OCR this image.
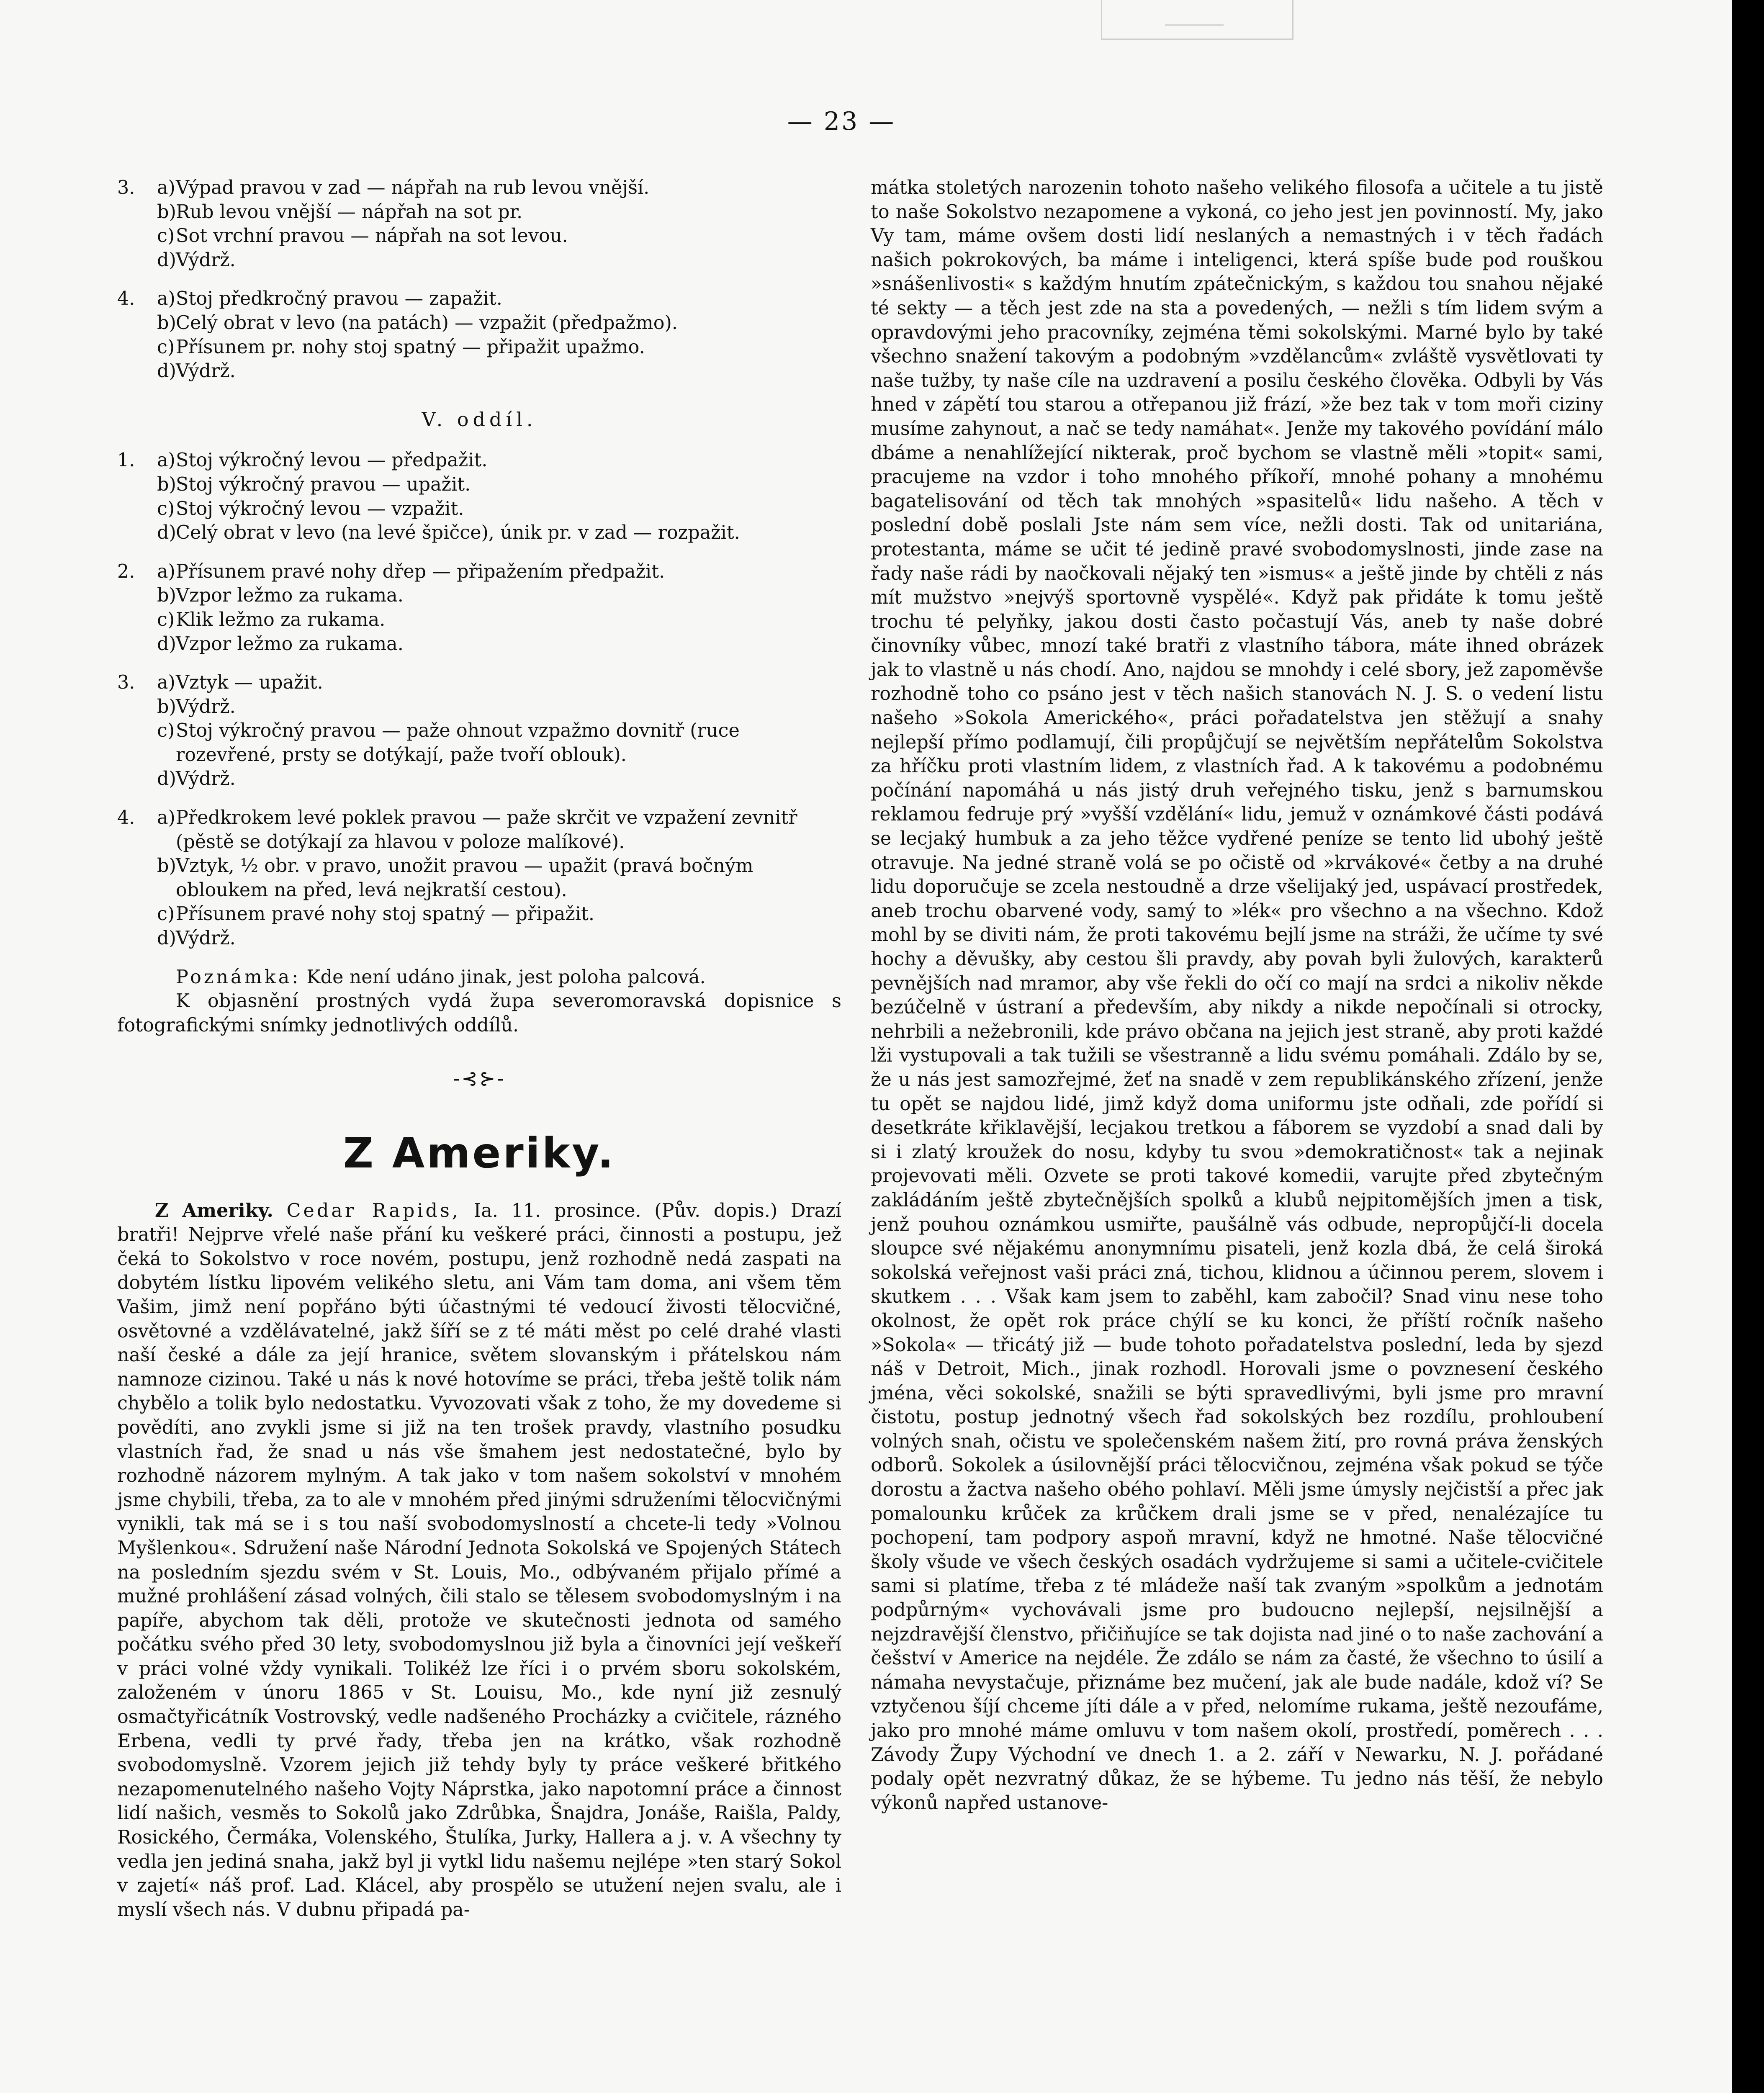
— 23 —
3. a) Výpad pravou v zad — nápřah na rub levou vnější.

b) Rub levou vnější — nápřah na sot pr.

c) Sot vrchní pravou — nápřah na sot levou.

d) Výdrž.

4. a) Stoj předkročný pravou — zapažit.

b) Celý obrat v levo (na patách) — vzpažit (předpažmo).

c) Přísunem pr. nohy stoj spatný — připažit upažmo.

d) Výdrž.

V. oddíl.
1. a) Stoj výkročný levou — předpažit.

b) Stoj výkročný pravou — upažit.

c) Stoj výkročný levou — vzpažit.

d) Celý obrat v levo (na levé špičce), únik pr. v zad — rozpažit.

2. a) Přísunem pravé nohy dřep — připažením předpažit.

b) Vzpor ležmo za rukama.

c) Klik ležmo za rukama.

d) Vzpor ležmo za rukama.

3. a) Vztyk — upažit.

b) Výdrž.

c) Stoj výkročný pravou — paže ohnout vzpažmo dovnitř (ruce rozevřené, prsty se dotýkají, paže tvoří oblouk).

d) Výdrž.

4. a) Předkrokem levé poklek pravou — paže skrčit ve vzpažení zevnitř (pěstě se dotýkají za hlavou v poloze malíkové).

b) Vztyk, ½ obr. v pravo, unožit pravou — upažit (pravá bočným obloukem na před, levá nejkratší cestou).

c) Přísunem pravé nohy stoj spatný — připažit.

d) Výdrž.

Poznámka: Kde není udáno jinak, jest poloha palcová.

K objasnění prostných vydá župa severomoravská dopisnice s fotografickými snímky jednotlivých oddílů.

-⊰⊱-
Z Ameriky.

Z Ameriky. Cedar Rapids, Ia. 11. prosince. (Pův. dopis.) Drazí bratři! Nejprve vřelé naše přání ku veškeré práci, činnosti a postupu, jež čeká to Sokolstvo v roce novém, postupu, jenž rozhodně nedá zaspati na dobytém lístku lipovém velikého sletu, ani Vám tam doma, ani všem těm Vašim, jimž není popřáno býti účastnými té vedoucí živosti tělocvičné, osvětovné a vzdělávatelné, jakž šíří se z té máti měst po celé drahé vlasti naší české a dále za její hranice, světem slovanským i přátelskou nám namnoze cizinou. Také u nás k nové hotovíme se práci, třeba ještě tolik nám chybělo a tolik bylo nedostatku. Vyvozovati však z toho, že my dovedeme si povědíti, ano zvykli jsme si již na ten trošek pravdy, vlastního posudku vlastních řad, že snad u nás vše šmahem jest nedostatečné, bylo by rozhodně názorem mylným. A tak jako v tom našem sokolství v mnohém jsme chybili, třeba, za to ale v mnohém před jinými sdruženími tělocvičnými vynikli, tak má se i s tou naší svobodomyslností a chcete-li tedy »Volnou Myšlenkou«. Sdružení naše Národní Jednota Sokolská ve Spojených Státech na posledním sjezdu svém v St. Louis, Mo., odbývaném přijalo přímé a mužné prohlášení zásad volných, čili stalo se tělesem svobodomyslným i na papíře, abychom tak děli, protože ve skutečnosti jednota od samého počátku svého před 30 lety, svobodomyslnou již byla a činovníci její veškeří v práci volné vždy vynikali. Tolikéž lze říci i o prvém sboru sokolském, založeném v únoru 1865 v St. Louisu, Mo., kde nyní již zesnulý osmačtyřicátník Vostrovský, vedle nadšeného Procházky a cvičitele, rázného Erbena, vedli ty prvé řady, třeba jen na krátko, však rozhodně svobodomyslně. Vzorem jejich již tehdy byly ty práce veškeré břitkého nezapomenutelného našeho Vojty Náprstka, jako napotomní práce a činnost lidí našich, vesměs to Sokolů jako Zdrůbka, Šnajdra, Jonáše, Raišla, Paldy, Rosického, Čermáka, Volenského, Štulíka, Jurky, Hallera a j. v. A všechny ty vedla jen jediná snaha, jakž byl ji vytkl lidu našemu nejlépe »ten starý Sokol v zajetí« náš prof. Lad. Klácel, aby prospělo se utužení nejen svalu, ale i myslí všech nás. V dubnu připadá pa-

mátka stoletých narozenin tohoto našeho velikého filosofa a učitele a tu jistě to naše Sokolstvo nezapomene a vykoná, co jeho jest jen povinností. My, jako Vy tam, máme ovšem dosti lidí neslaných a nemastných i v těch řadách našich pokrokových, ba máme i inteligenci, která spíše bude pod rouškou »snášenlivosti« s každým hnutím zpátečnickým, s každou tou snahou nějaké té sekty — a těch jest zde na sta a povedených, — nežli s tím lidem svým a opravdovými jeho pracovníky, zejména těmi sokolskými. Marné bylo by také všechno snažení takovým a podobným »vzdělancům« zvláště vysvětlovati ty naše tužby, ty naše cíle na uzdravení a posilu českého člověka. Odbyli by Vás hned v zápětí tou starou a otřepanou již frází, »že bez tak v tom moři ciziny musíme zahynout, a nač se tedy namáhat«. Jenže my takového povídání málo dbáme a nenahlížející nikterak, proč bychom se vlastně měli »topit« sami, pracujeme na vzdor i toho mnohého příkoří, mnohé pohany a mnohému bagatelisování od těch tak mnohých »spasitelů« lidu našeho. A těch v poslední době poslali Jste nám sem více, nežli dosti. Tak od unitariána, protestanta, máme se učit té jedině pravé svobodomyslnosti, jinde zase na řady naše rádi by naočkovali nějaký ten »ismus« a ještě jinde by chtěli z nás mít mužstvo »nejvýš sportovně vyspělé«. Když pak přidáte k tomu ještě trochu té pelyňky, jakou dosti často počastují Vás, aneb ty naše dobré činovníky vůbec, mnozí také bratři z vlastního tábora, máte ihned obrázek jak to vlastně u nás chodí. Ano, najdou se mnohdy i celé sbory, jež zapoměvše rozhodně toho co psáno jest v těch našich stanovách N. J. S. o vedení listu našeho »Sokola Amerického«, práci pořadatelstva jen stěžují a snahy nejlepší přímo podlamují, čili propůjčují se největším nepřátelům Sokolstva za hříčku proti vlastním lidem, z vlastních řad. A k takovému a podobnému počínání napomáhá u nás jistý druh veřejného tisku, jenž s barnumskou reklamou fedruje prý »vyšší vzdělání« lidu, jemuž v oznámkové části podává se lecjaký humbuk a za jeho těžce vydřené peníze se tento lid ubohý ještě otravuje. Na jedné straně volá se po očistě od »krvákové« četby a na druhé lidu doporučuje se zcela nestoudně a drze všelijaký jed, uspávací prostředek, aneb trochu obarvené vody, samý to »lék« pro všechno a na všechno. Kdož mohl by se diviti nám, že proti takovému bejlí jsme na stráži, že učíme ty své hochy a děvušky, aby cestou šli pravdy, aby povah byli žulových, karakterů pevnějších nad mramor, aby vše řekli do očí co mají na srdci a nikoliv někde bezúčelně v ústraní a především, aby nikdy a nikde nepočínali si otrocky, nehrbili a nežebronili, kde právo občana na jejich jest straně, aby proti každé lži vystupovali a tak tužili se všestranně a lidu svému pomáhali. Zdálo by se, že u nás jest samozřejmé, žeť na snadě v zem republikánského zřízení, jenže tu opět se najdou lidé, jimž když doma uniformu jste odňali, zde pořídí si desetkráte křiklavější, lecjakou tretkou a fáborem se vyzdobí a snad dali by si i zlatý kroužek do nosu, kdyby tu svou »demokratičnost« tak a nejinak projevovati měli. Ozvete se proti takové komedii, varujte před zbytečným zakládáním ještě zbytečnějších spolků a klubů nejpitomějších jmen a tisk, jenž pouhou oznámkou usmiřte, paušálně vás odbude, nepropůjčí-li docela sloupce své nějakému anonymnímu pisateli, jenž kozla dbá, že celá široká sokolská veřejnost vaši práci zná, tichou, klidnou a účinnou perem, slovem i skutkem . . . Však kam jsem to zaběhl, kam zabočil? Snad vinu nese toho okolnost, že opět rok práce chýlí se ku konci, že příští ročník našeho »Sokola« — třicátý již — bude tohoto pořadatelstva poslední, leda by sjezd náš v Detroit, Mich., jinak rozhodl. Horovali jsme o povznesení českého jména, věci sokolské, snažili se býti spravedlivými, byli jsme pro mravní čistotu, postup jednotný všech řad sokolských bez rozdílu, prohloubení volných snah, očistu ve společenském našem žití, pro rovná práva ženských odborů. Sokolek a úsilovnější práci tělocvičnou, zejména však pokud se týče dorostu a žactva našeho obého pohlaví. Měli jsme úmysly nejčistší a přec jak pomalounku krůček za krůčkem drali jsme se v před, nenalézajíce tu pochopení, tam podpory aspoň mravní, když ne hmotné. Naše tělocvičné školy všude ve všech českých osadách vydržujeme si sami a učitele-cvičitele sami si platíme, třeba z té mládeže naší tak zvaným »spolkům a jednotám podpůrným« vychovávali jsme pro budoucno nejlepší, nejsilnější a nejzdravější členstvo, přičiňujíce se tak dojista nad jiné o to naše zachování a češství v Americe na nejdéle. Že zdálo se nám za časté, že všechno to úsilí a námaha nevystačuje, přiznáme bez mučení, jak ale bude nadále, kdož ví? Se vztyčenou šíjí chceme jíti dále a v před, nelomíme rukama, ještě nezoufáme, jako pro mnohé máme omluvu v tom našem okolí, prostředí, poměrech . . . Závody Župy Východní ve dnech 1. a 2. září v Newarku, N. J. pořádané podaly opět nezvratný důkaz, že se hýbeme. Tu jedno nás těší, že nebylo výkonů napřed ustanove-
